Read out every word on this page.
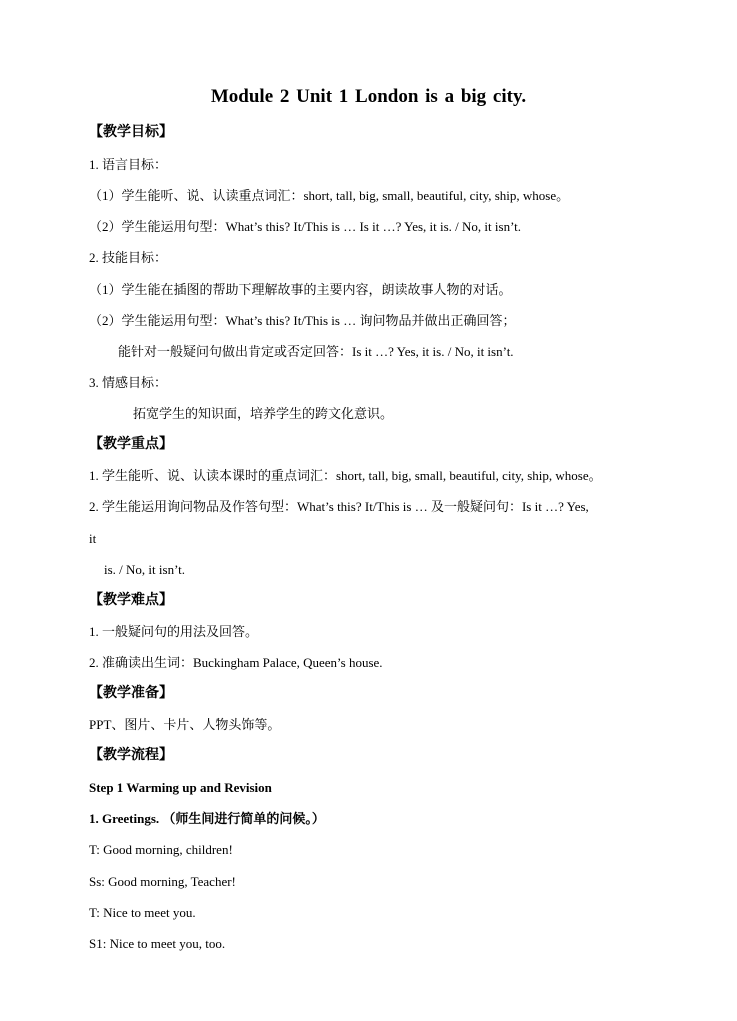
Module 2 Unit 1 London is a big city.
【教学目标】
1. 语言目标：
（1）学生能听、说、认读重点词汇：short, tall, big, small, beautiful, city, ship, whose。
（2）学生能运用句型：What’s this? It/This is … Is it …? Yes, it is. / No, it isn’t.
2. 技能目标：
（1）学生能在插图的帮助下理解故事的主要内容，朗读故事人物的对话。
（2）学生能运用句型：What’s this? It/This is … 询问物品并做出正确回答；
能针对一般疑问句做出肯定或否定回答：Is it …? Yes, it is. / No, it isn’t.
3. 情感目标：
拓宽学生的知识面，培养学生的跨文化意识。
【教学重点】
1. 学生能听、说、认读本课时的重点词汇：short, tall, big, small, beautiful, city, ship, whose。
2. 学生能运用询问物品及作答句型：What’s this? It/This is … 及一般疑问句：Is it …? Yes,
it
is. / No, it isn’t.
【教学难点】
1. 一般疑问句的用法及回答。
2. 准确读出生词：Buckingham Palace, Queen’s house.
【教学准备】
PPT、图片、卡片、人物头饰等。
【教学流程】
Step 1 Warming up and Revision
1. Greetings. （师生间进行简单的问候。）
T: Good morning, children!
Ss: Good morning, Teacher!
T: Nice to meet you.
S1: Nice to meet you, too.
